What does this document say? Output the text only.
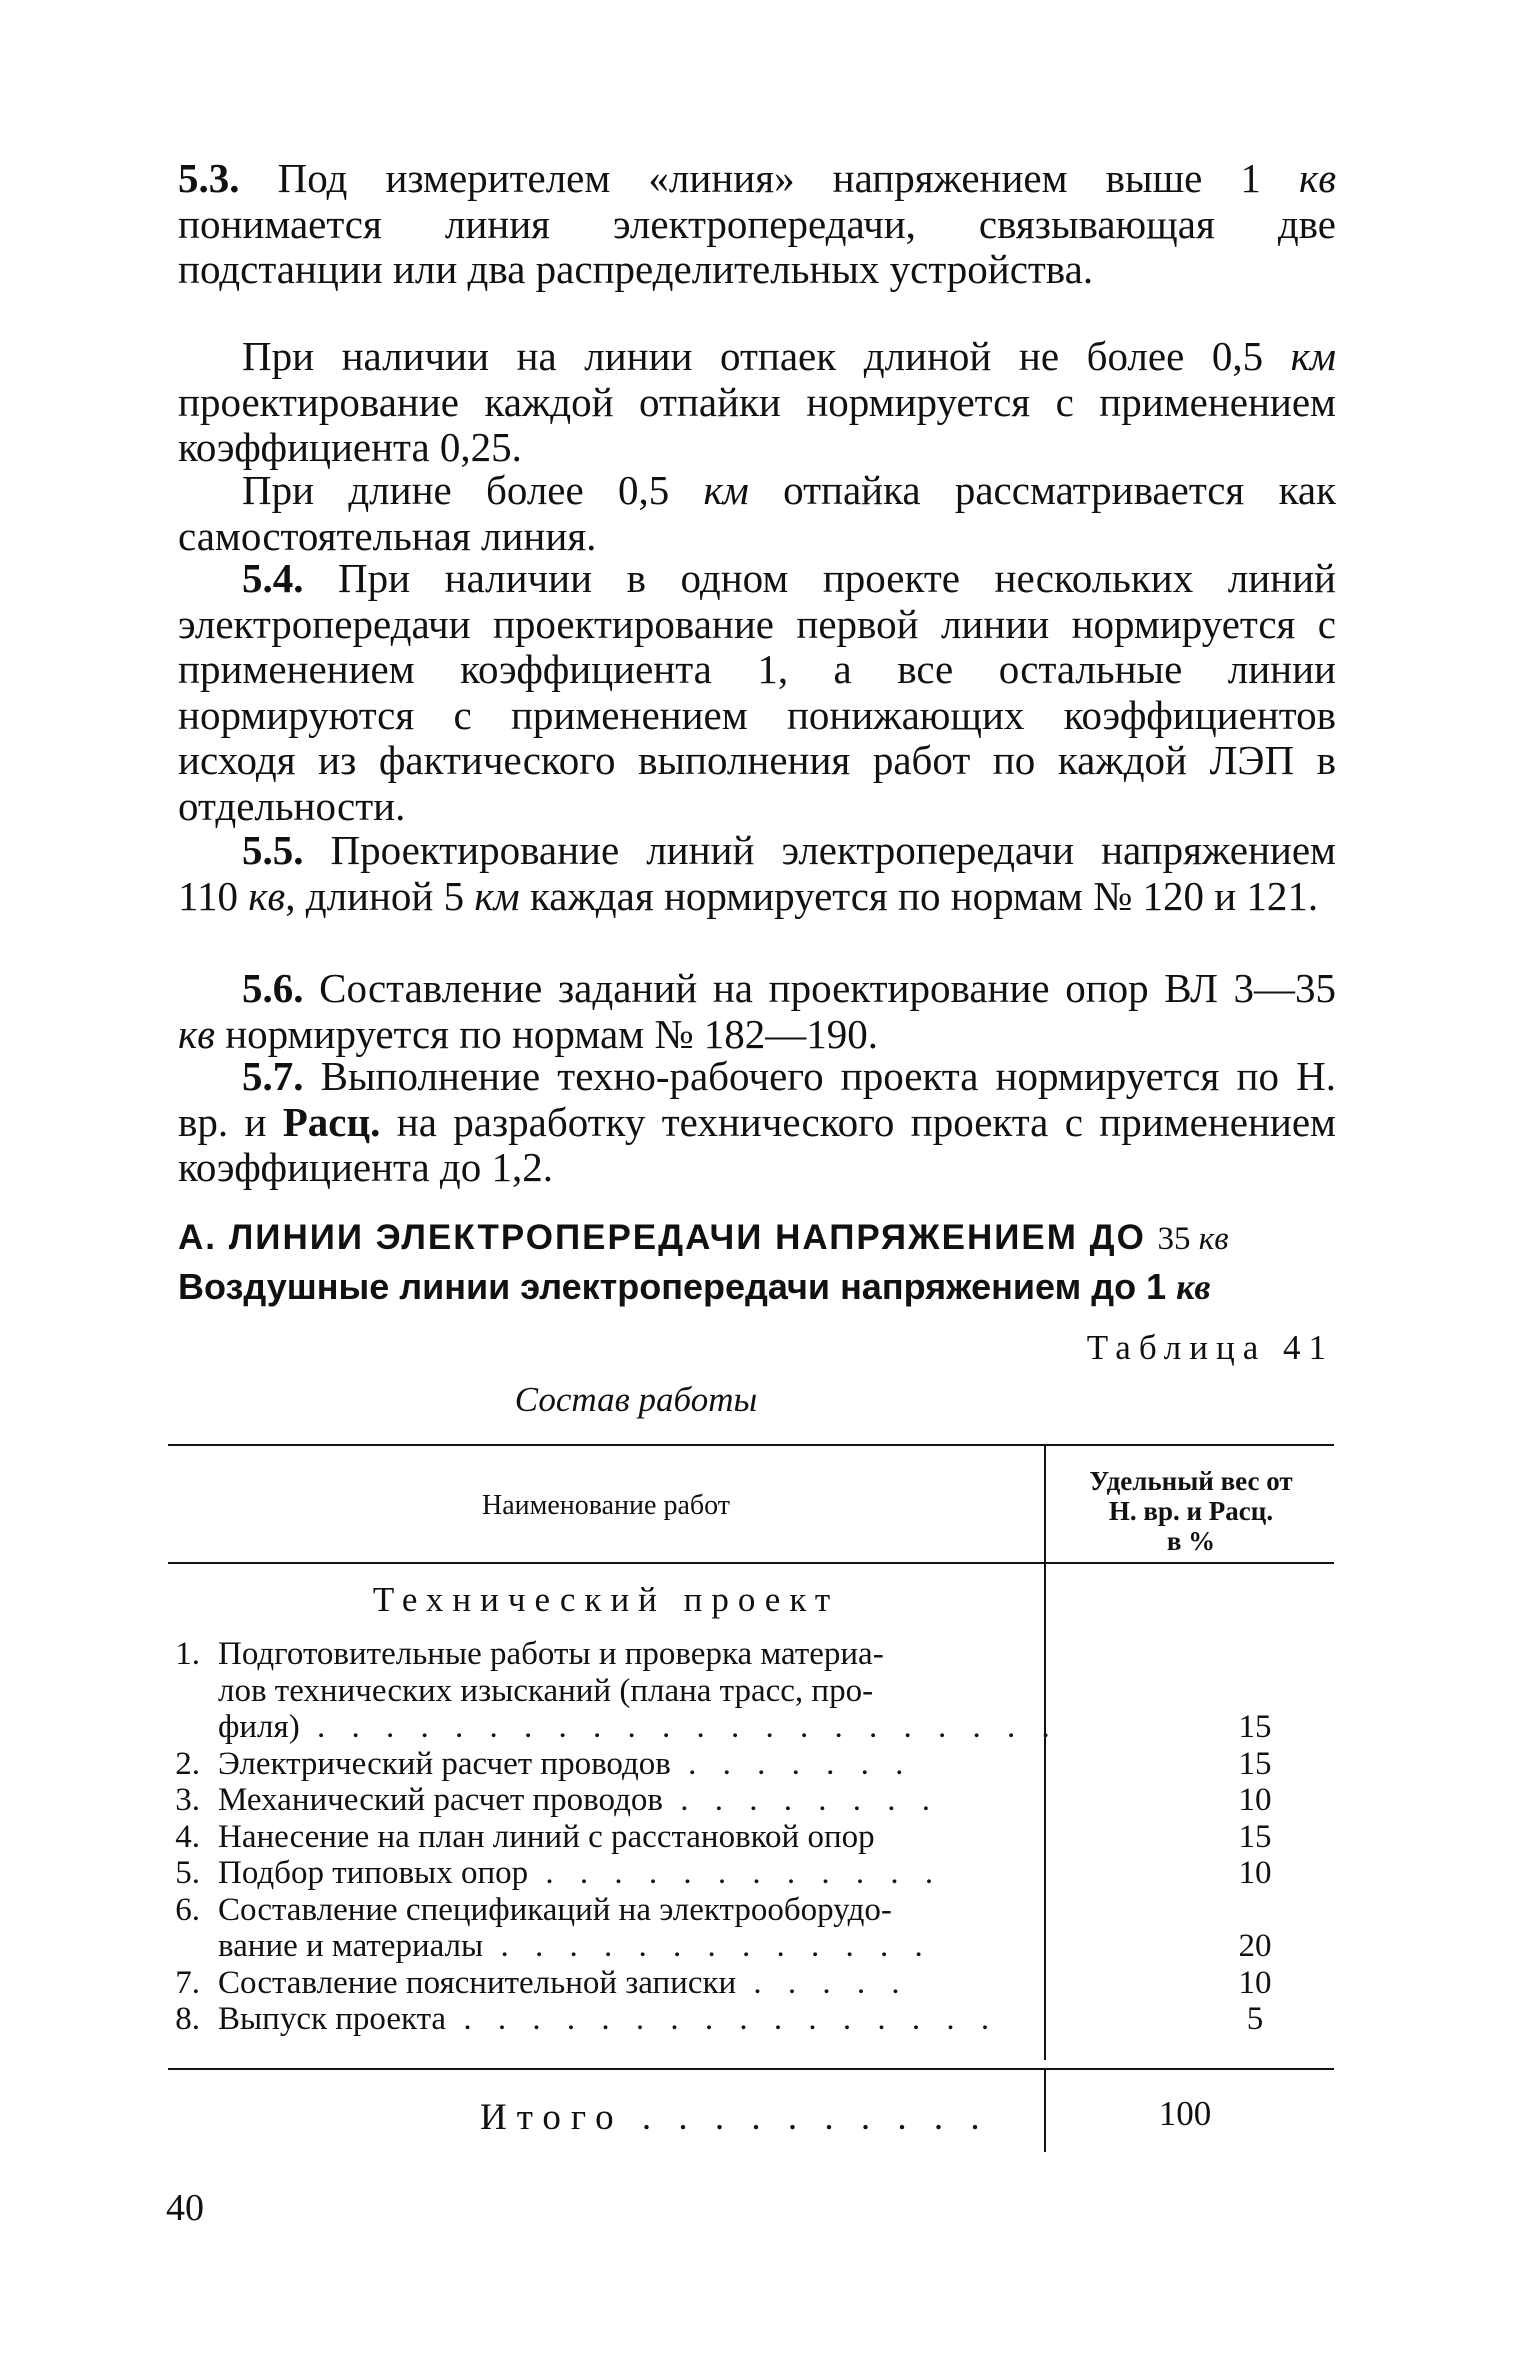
5.3. Под измерителем «линия» напряжением выше 1 кв понимается линия электропередачи, связывающая две подстанции или два распределительных устройства.

При наличии на линии отпаек длиной не более 0,5 км проектирование каждой отпайки нормируется с применением коэффициента 0,25.

При длине более 0,5 км отпайка рассматривается как самостоятельная линия.

5.4. При наличии в одном проекте нескольких линий электропередачи проектирование первой линии нормируется с применением коэффициента 1, а все остальные линии нормируются с применением понижающих коэффициентов исходя из фактического выполнения работ по каждой ЛЭП в отдельности.

5.5. Проектирование линий электропередачи напряжением 110 кв, длиной 5 км каждая нормируется по нормам № 120 и 121.

5.6. Составление заданий на проектирование опор ВЛ 3—35 кв нормируется по нормам № 182—190.

5.7. Выполнение техно-рабочего проекта нормируется по Н. вр. и Расц. на разработку технического проекта с применением коэффициента до 1,2.

А. ЛИНИИ ЭЛЕКТРОПЕРЕДАЧИ НАПРЯЖЕНИЕМ ДО 35 кв

Воздушные линии электропередачи напряжением до 1 кв

Таблица 41

Состав работы

Наименование работ

Удельный вес от
Н. вр. и Расц.
в %

Технический проект

1. Подготовительные работы и проверка материа-
лов технических изысканий (плана трасс, про-
филя) . . . . . . . . . . . . . . . . . . . . . .	15
2. Электрический расчет проводов . . . . . . .	15
3. Механический расчет проводов . . . . . . . .	10
4. Нанесение на план линий с расстановкой опор	15
5. Подбор типовых опор . . . . . . . . . . . .	10
6. Составление спецификаций на электрооборудо-
вание и материалы . . . . . . . . . . . . .	20
7. Составление пояснительной записки . . . . .	10
8. Выпуск проекта . . . . . . . . . . . . . . . .	5

Итого . . . . . . . . . .	100

40
